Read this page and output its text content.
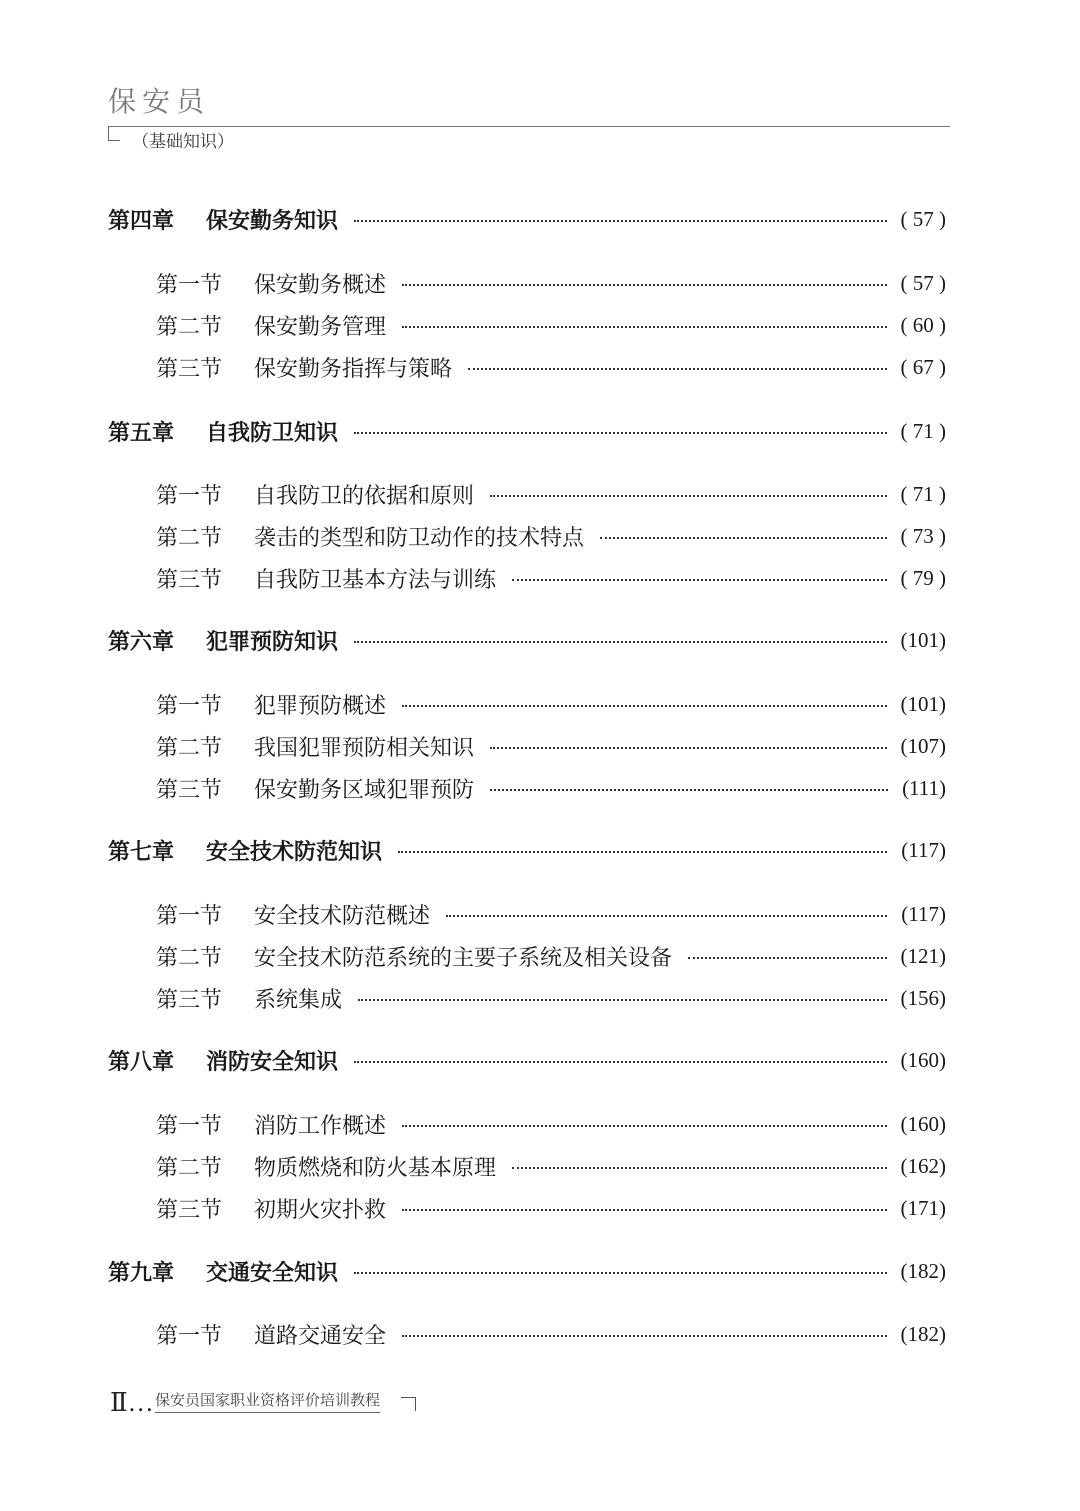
保安员
（基础知识）
第四章	保安勤务知识	( 57 )
第一节	保安勤务概述	( 57 )
第二节	保安勤务管理	( 60 )
第三节	保安勤务指挥与策略	( 67 )
第五章	自我防卫知识	( 71 )
第一节	自我防卫的依据和原则	( 71 )
第二节	袭击的类型和防卫动作的技术特点	( 73 )
第三节	自我防卫基本方法与训练	( 79 )
第六章	犯罪预防知识	(101)
第一节	犯罪预防概述	(101)
第二节	我国犯罪预防相关知识	(107)
第三节	保安勤务区域犯罪预防	(111)
第七章	安全技术防范知识	(117)
第一节	安全技术防范概述	(117)
第二节	安全技术防范系统的主要子系统及相关设备	(121)
第三节	系统集成	(156)
第八章	消防安全知识	(160)
第一节	消防工作概述	(160)
第二节	物质燃烧和防火基本原理	(162)
第三节	初期火灾扑救	(171)
第九章	交通安全知识	(182)
第一节	道路交通安全	(182)
Ⅱ… 保安员国家职业资格评价培训教程
